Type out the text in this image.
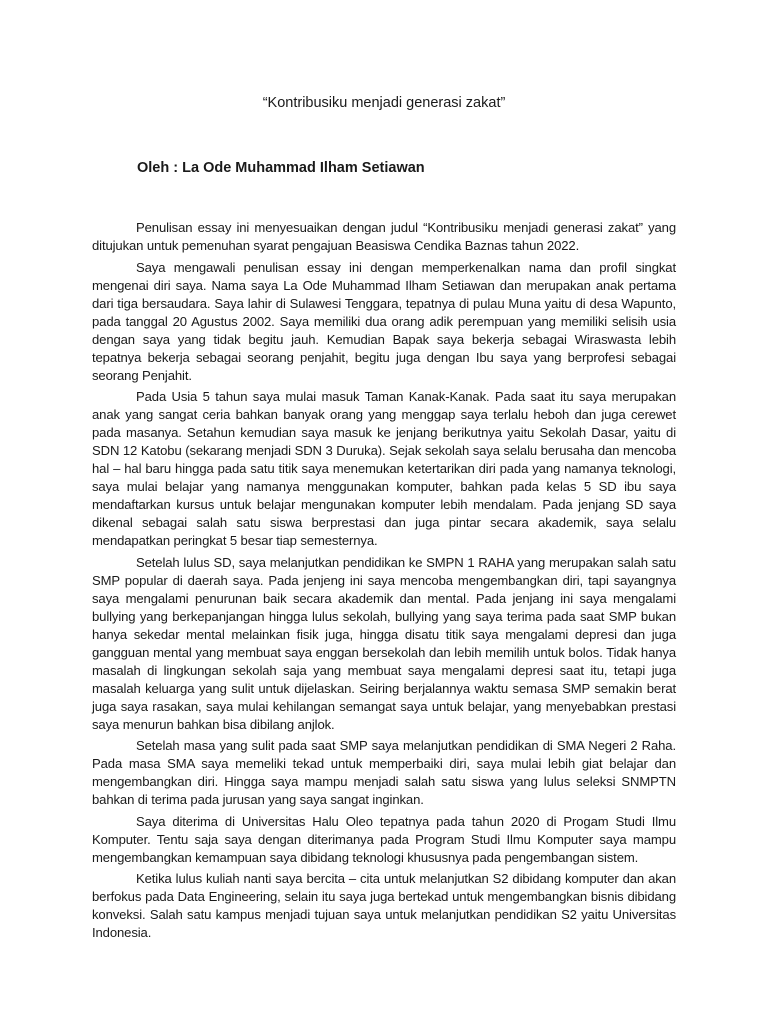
“Kontribusiku menjadi generasi zakat”

Oleh : La Ode Muhammad Ilham Setiawan

Penulisan essay ini menyesuaikan dengan judul “Kontribusiku menjadi generasi zakat” yang ditujukan untuk pemenuhan syarat pengajuan Beasiswa Cendika Baznas tahun 2022.

Saya mengawali penulisan essay ini dengan memperkenalkan nama dan profil singkat mengenai diri saya. Nama saya La Ode Muhammad Ilham Setiawan dan merupakan anak pertama dari tiga bersaudara. Saya lahir di Sulawesi Tenggara, tepatnya di pulau Muna yaitu di desa Wapunto, pada tanggal 20 Agustus 2002. Saya memiliki dua orang adik perempuan yang memiliki selisih usia dengan saya yang tidak begitu jauh. Kemudian Bapak saya bekerja sebagai Wiraswasta lebih tepatnya bekerja sebagai seorang penjahit, begitu juga dengan Ibu saya yang berprofesi sebagai seorang Penjahit.

Pada Usia 5 tahun saya mulai masuk Taman Kanak-Kanak. Pada saat itu saya merupakan anak yang sangat ceria bahkan banyak orang yang menggap saya terlalu heboh dan juga cerewet pada masanya. Setahun kemudian saya masuk ke jenjang berikutnya yaitu Sekolah Dasar, yaitu di SDN 12 Katobu (sekarang menjadi SDN 3 Duruka). Sejak sekolah saya selalu berusaha dan mencoba hal – hal baru hingga pada satu titik saya menemukan ketertarikan diri pada yang namanya teknologi, saya mulai belajar yang namanya menggunakan komputer, bahkan pada kelas 5 SD ibu saya mendaftarkan kursus untuk belajar mengunakan komputer lebih mendalam. Pada jenjang SD saya dikenal sebagai salah satu siswa berprestasi dan juga pintar secara akademik, saya selalu mendapatkan peringkat 5 besar tiap semesternya.

Setelah lulus SD, saya melanjutkan pendidikan ke SMPN 1 RAHA yang merupakan salah satu SMP popular di daerah saya. Pada jenjeng ini saya mencoba mengembangkan diri, tapi sayangnya saya mengalami penurunan baik secara akademik dan mental. Pada jenjang ini saya mengalami bullying yang berkepanjangan hingga lulus sekolah, bullying yang saya terima pada saat SMP bukan hanya sekedar mental melainkan fisik juga, hingga disatu titik saya mengalami depresi dan juga gangguan mental yang membuat saya enggan bersekolah dan lebih memilih untuk bolos. Tidak hanya masalah di lingkungan sekolah saja yang membuat saya mengalami depresi saat itu, tetapi juga masalah keluarga yang sulit untuk dijelaskan. Seiring berjalannya waktu semasa SMP semakin berat juga saya rasakan, saya mulai kehilangan semangat saya untuk belajar, yang menyebabkan prestasi saya menurun bahkan bisa dibilang anjlok.

Setelah masa yang sulit pada saat SMP saya melanjutkan pendidikan di SMA Negeri 2 Raha. Pada masa SMA saya memeliki tekad untuk memperbaiki diri, saya mulai lebih giat belajar dan mengembangkan diri. Hingga saya mampu menjadi salah satu siswa yang lulus seleksi SNMPTN bahkan di terima pada jurusan yang saya sangat inginkan.

Saya diterima di Universitas Halu Oleo tepatnya pada tahun 2020 di Progam Studi Ilmu Komputer. Tentu saja saya dengan diterimanya pada Program Studi Ilmu Komputer saya mampu mengembangkan kemampuan saya dibidang teknologi khususnya pada pengembangan sistem.

Ketika lulus kuliah nanti saya bercita – cita untuk melanjutkan S2 dibidang komputer dan akan berfokus pada Data Engineering, selain itu saya juga bertekad untuk mengembangkan bisnis dibidang konveksi. Salah satu kampus menjadi tujuan saya untuk melanjutkan pendidikan S2 yaitu Universitas Indonesia.
